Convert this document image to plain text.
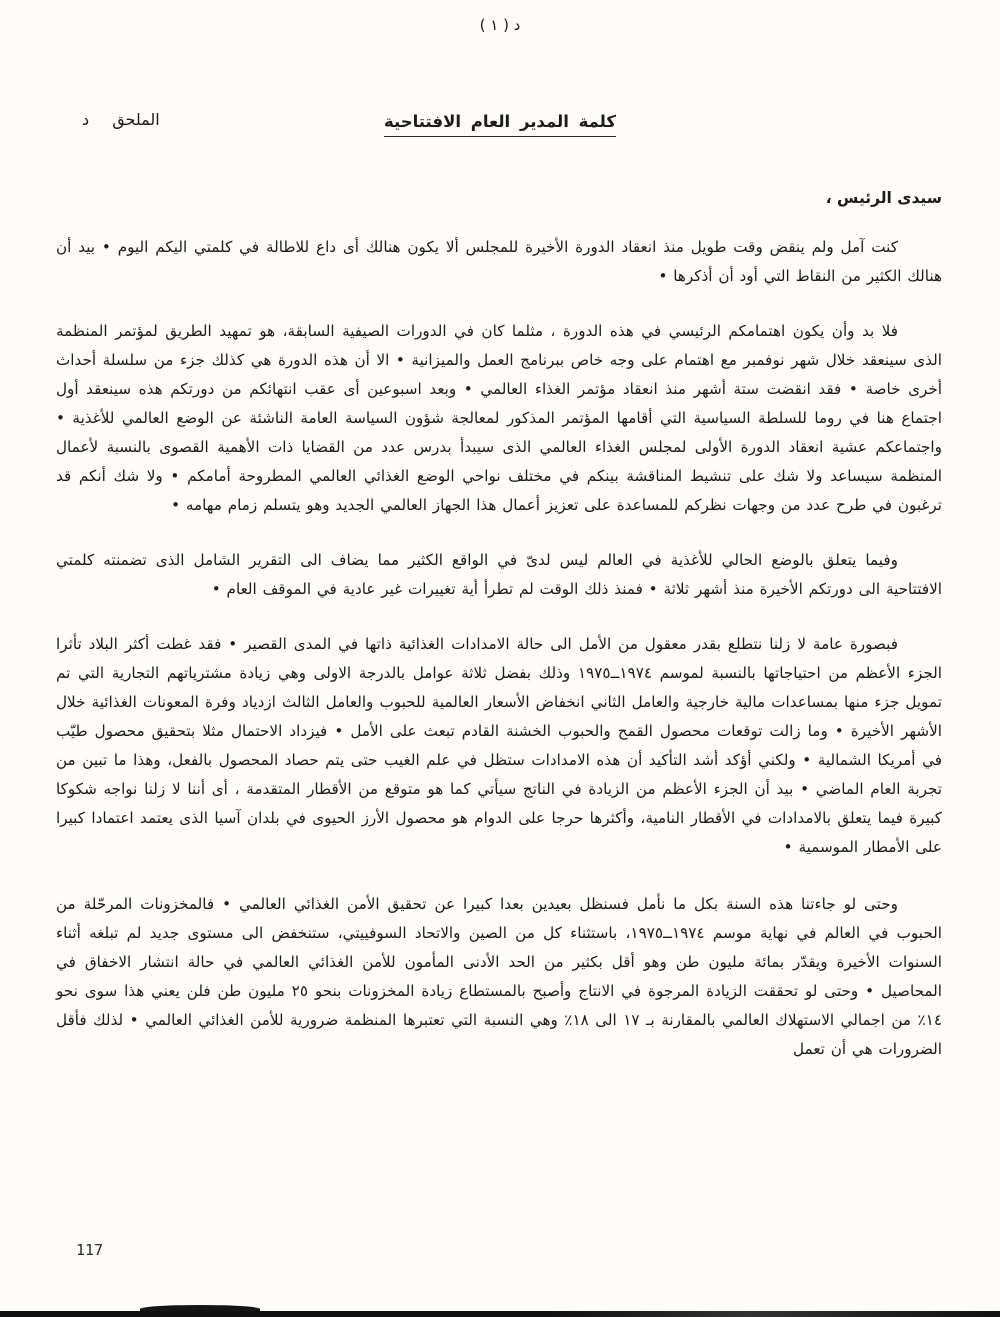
د ( ١ )
الملحق د	كلمة المدير العام الافتتاحية
سيدى الرئيس ،

كنت آمل ولم ينقض وقت طويل منذ انعقاد الدورة الأخيرة للمجلس ألا يكون هنالك أى داع للاطالة في كلمتي اليكم اليوم • بيد أن هنالك الكثير من النقاط التي أود أن أذكرها •

فلا بد وأن يكون اهتمامكم الرئيسي في هذه الدورة ، مثلما كان في الدورات الصيفية السابقة، هو تمهيد الطريق لمؤتمر المنظمة الذى سينعقد خلال شهر نوفمبر مع اهتمام على وجه خاص ببرنامج العمل والميزانية • الا أن هذه الدورة هي كذلك جزء من سلسلة أحداث أخرى خاصة • فقد انقضت ستة أشهر منذ انعقاد مؤتمر الغذاء العالمي • وبعد اسبوعين أى عقب انتهائكم من دورتكم هذه سينعقد أول اجتماع هنا في روما للسلطة السياسية التي أقامها المؤتمر المذكور لمعالجة شؤون السياسة العامة الناشئة عن الوضع العالمي للأغذية • واجتماعكم عشية انعقاد الدورة الأولى لمجلس الغذاء العالمي الذى سيبدأ بدرس عدد من القضايا ذات الأهمية القصوى بالنسبة لأعمال المنظمة سيساعد ولا شك على تنشيط المناقشة بينكم في مختلف نواحي الوضع الغذائي العالمي المطروحة أمامكم • ولا شك أنكم قد ترغبون في طرح عدد من وجهات نظركم للمساعدة على تعزيز أعمال هذا الجهاز العالمي الجديد وهو يتسلم زمام مهامه •

وفيما يتعلق بالوضع الحالي للأغذية في العالم ليس لدىّ في الواقع الكثير مما يضاف الى التقرير الشامل الذى تضمنته كلمتي الافتتاحية الى دورتكم الأخيرة منذ أشهر ثلاثة • فمنذ ذلك الوقت لم تطرأ أية تغييرات غير عادية في الموقف العام •

فبصورة عامة لا زلنا نتطلع بقدر معقول من الأمل الى حالة الامدادات الغذائية ذاتها في المدى القصير • فقد غطت أكثر البلاد تأثرا الجزء الأعظم من احتياجاتها بالنسبة لموسم ١٩٧٤ــ١٩٧٥ وذلك بفضل ثلاثة عوامل بالدرجة الاولى وهي زيادة مشترياتهم التجارية التي تم تمويل جزء منها بمساعدات مالية خارجية والعامل الثاني انخفاض الأسعار العالمية للحبوب والعامل الثالث ازدياد وفرة المعونات الغذائية خلال الأشهر الأخيرة • وما زالت توقعات محصول القمح والحبوب الخشنة القادم تبعث على الأمل • فيزداد الاحتمال مثلا بتحقيق محصول طيّب في أمريكا الشمالية • ولكني أؤكد أشد التأكيد أن هذه الامدادات ستظل في علم الغيب حتى يتم حصاد المحصول بالفعل، وهذا ما تبين من تجربة العام الماضي • بيد أن الجزء الأعظم من الزيادة في الناتج سيأتي كما هو متوقع من الأقطار المتقدمة ، أى أننا لا زلنا نواجه شكوكا كبيرة فيما يتعلق بالامدادات في الأقطار النامية، وأكثرها حرجا على الدوام هو محصول الأرز الحيوى في بلدان آسيا الذى يعتمد اعتمادا كبيرا على الأمطار الموسمية •

وحتى لو جاءتنا هذه السنة بكل ما نأمل فسنظل بعيدين بعدا كبيرا عن تحقيق الأمن الغذائي العالمي • فالمخزونات المرحّلة من الحبوب في العالم في نهاية موسم ١٩٧٤ــ١٩٧٥، باستثناء كل من الصين والاتحاد السوفييتي، ستنخفض الى مستوى جديد لم تبلغه أثناء السنوات الأخيرة ويقدّر بمائة مليون طن وهو أقل بكثير من الحد الأدنى المأمون للأمن الغذائي العالمي في حالة انتشار الاخفاق في المحاصيل • وحتى لو تحققت الزيادة المرجوة في الانتاج وأصبح بالمستطاع زيادة المخزونات بنحو ٢٥ مليون طن فلن يعني هذا سوى نحو ١٤٪ من اجمالي الاستهلاك العالمي بالمقارنة بـ ١٧ الى ١٨٪ وهي النسبة التي تعتبرها المنظمة ضرورية للأمن الغذائي العالمي • لذلك فأقل الضرورات هي أن تعمل

117
